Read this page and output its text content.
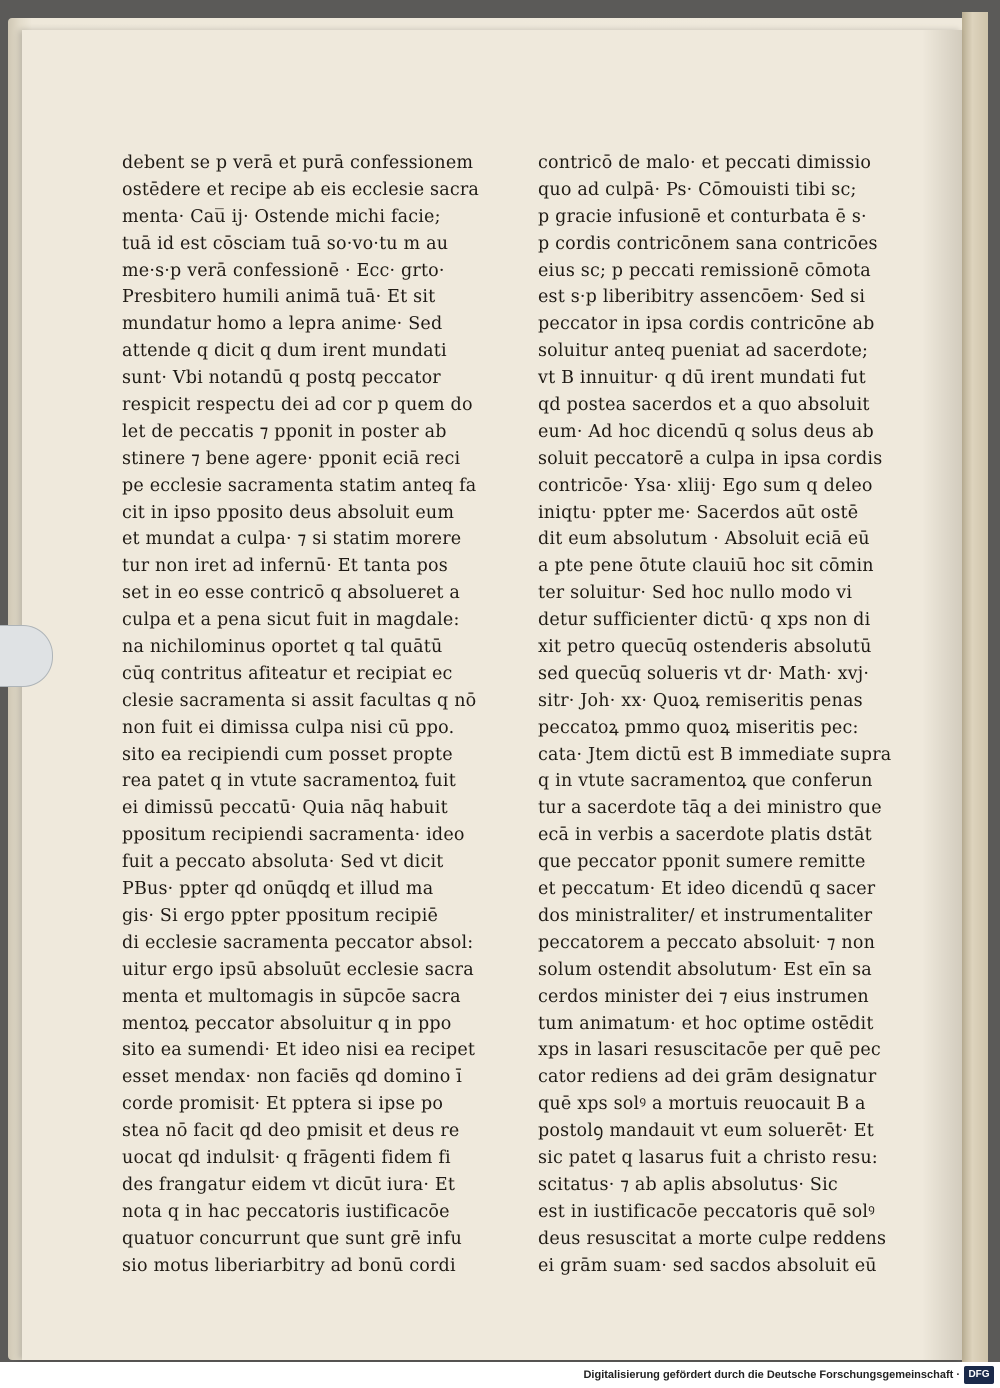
debent se p verā et purā confessionem
ostēdere et recipe ab eis ecclesie sacra
menta· Cau̅ ij· Ostende michi facie;
tuā id est cōsciam tuā so·vo·tu m au
me·s·p verā confessionē · Ecc· grto·
Presbitero humili animā tuā· Et sit
mundatur homo a lepra anime· Sed
attende q dicit q dum irent mundati
sunt· Vbi notandū q postq peccator
respicit respectu dei ad cor p quem do
let de peccatis ⁊ pponit in poster ab
stinere ⁊ bene agere· pponit eciā reci
pe ecclesie sacramenta statim anteq fa
cit in ipso pposito deus absoluit eum
et mundat a culpa· ⁊ si statim morere
tur non iret ad infernū· Et tanta pos
set in eo esse contricō q absolueret a
culpa et a pena sicut fuit in magdale:
na nichilominus oportet q tal quātū
cūq contritus afiteatur et recipiat ec
clesie sacramenta si assit facultas q nō
non fuit ei dimissa culpa nisi cū ppo.
sito ea recipiendi cum posset propte
rea patet q in vtute sacramentoꝝ fuit
ei dimissū peccatū· Quia nāq habuit
ppositum recipiendi sacramenta· ideo
fuit a peccato absoluta· Sed vt dicit
PBus· ppter qd onūqdq et illud ma
gis· Si ergo ppter ppositum recipiē
di ecclesie sacramenta peccator absol:
uitur ergo ipsū absoluūt ecclesie sacra
menta et multomagis in sūpcōe sacra
mentoꝝ peccator absoluitur q in ppo
sito ea sumendi· Et ideo nisi ea recipet
esset mendax· non faciēs qd domino ī
corde promisit· Et pptera si ipse po
stea nō facit qd deo pmisit et deus re
uocat qd indulsit· q frāgenti fidem fi
des frangatur eidem vt dicūt iura· Et
nota q in hac peccatoris iustificacōe
quatuor concurrunt que sunt grē infu
sio motus liberiarbitry ad bonū cordi
contricō de malo· et peccati dimissio
quo ad culpā· Ps· Cōmouisti tibi sc;
p gracie infusionē et conturbata ē s·
p cordis contricōnem sana contricōes
eius sc; p peccati remissionē cōmota
est s·p liberibitry assencōem· Sed si
peccator in ipsa cordis contricōne ab
soluitur anteq pueniat ad sacerdote;
vt B innuitur· q dū irent mundati fut
qd postea sacerdos et a quo absoluit
eum· Ad hoc dicendū q solus deus ab
soluit peccatorē a culpa in ipsa cordis
contricōe· Ysa· xliij· Ego sum q deleo
iniqtu· ppter me· Sacerdos aūt ostē
dit eum absolutum · Absoluit eciā eū
a pte pene ōtute clauiū hoc sit cōmin
ter soluitur· Sed hoc nullo modo vi
detur sufficienter dictū· q xps non di
xit petro quecūq ostenderis absolutū
sed quecūq solueris vt dr· Math· xvj·
sitr· Joh· xx· Quoꝝ remiseritis penas
peccatoꝝ pmmo quoꝝ miseritis pec:
cata· Jtem dictū est B immediate supra
q in vtute sacramentoꝝ que conferun
tur a sacerdote tāq a dei ministro que
ecā in verbis a sacerdote platis dstāt
que peccator pponit sumere remitte
et peccatum· Et ideo dicendū q sacer
dos ministraliter/ et instrumentaliter
peccatorem a peccato absoluit· ⁊ non
solum ostendit absolutum· Est eīn sa
cerdos minister dei ⁊ eius instrumen
tum animatum· et hoc optime ostēdit
xps in lasari resuscitacōe per quē pec
cator rediens ad dei grām designatur
quē xps solꝰ a mortuis reuocauit B a
postolꝯ mandauit vt eum soluerēt· Et
sic patet q lasarus fuit a christo resu:
scitatus· ⁊ ab aplis absolutus· Sic
est in iustificacōe peccatoris quē solꝰ
deus resuscitat a morte culpe reddens
ei grām suam· sed sacdos absoluit eū
Digitalisierung gefördert durch die Deutsche Forschungsgemeinschaft · DFG
